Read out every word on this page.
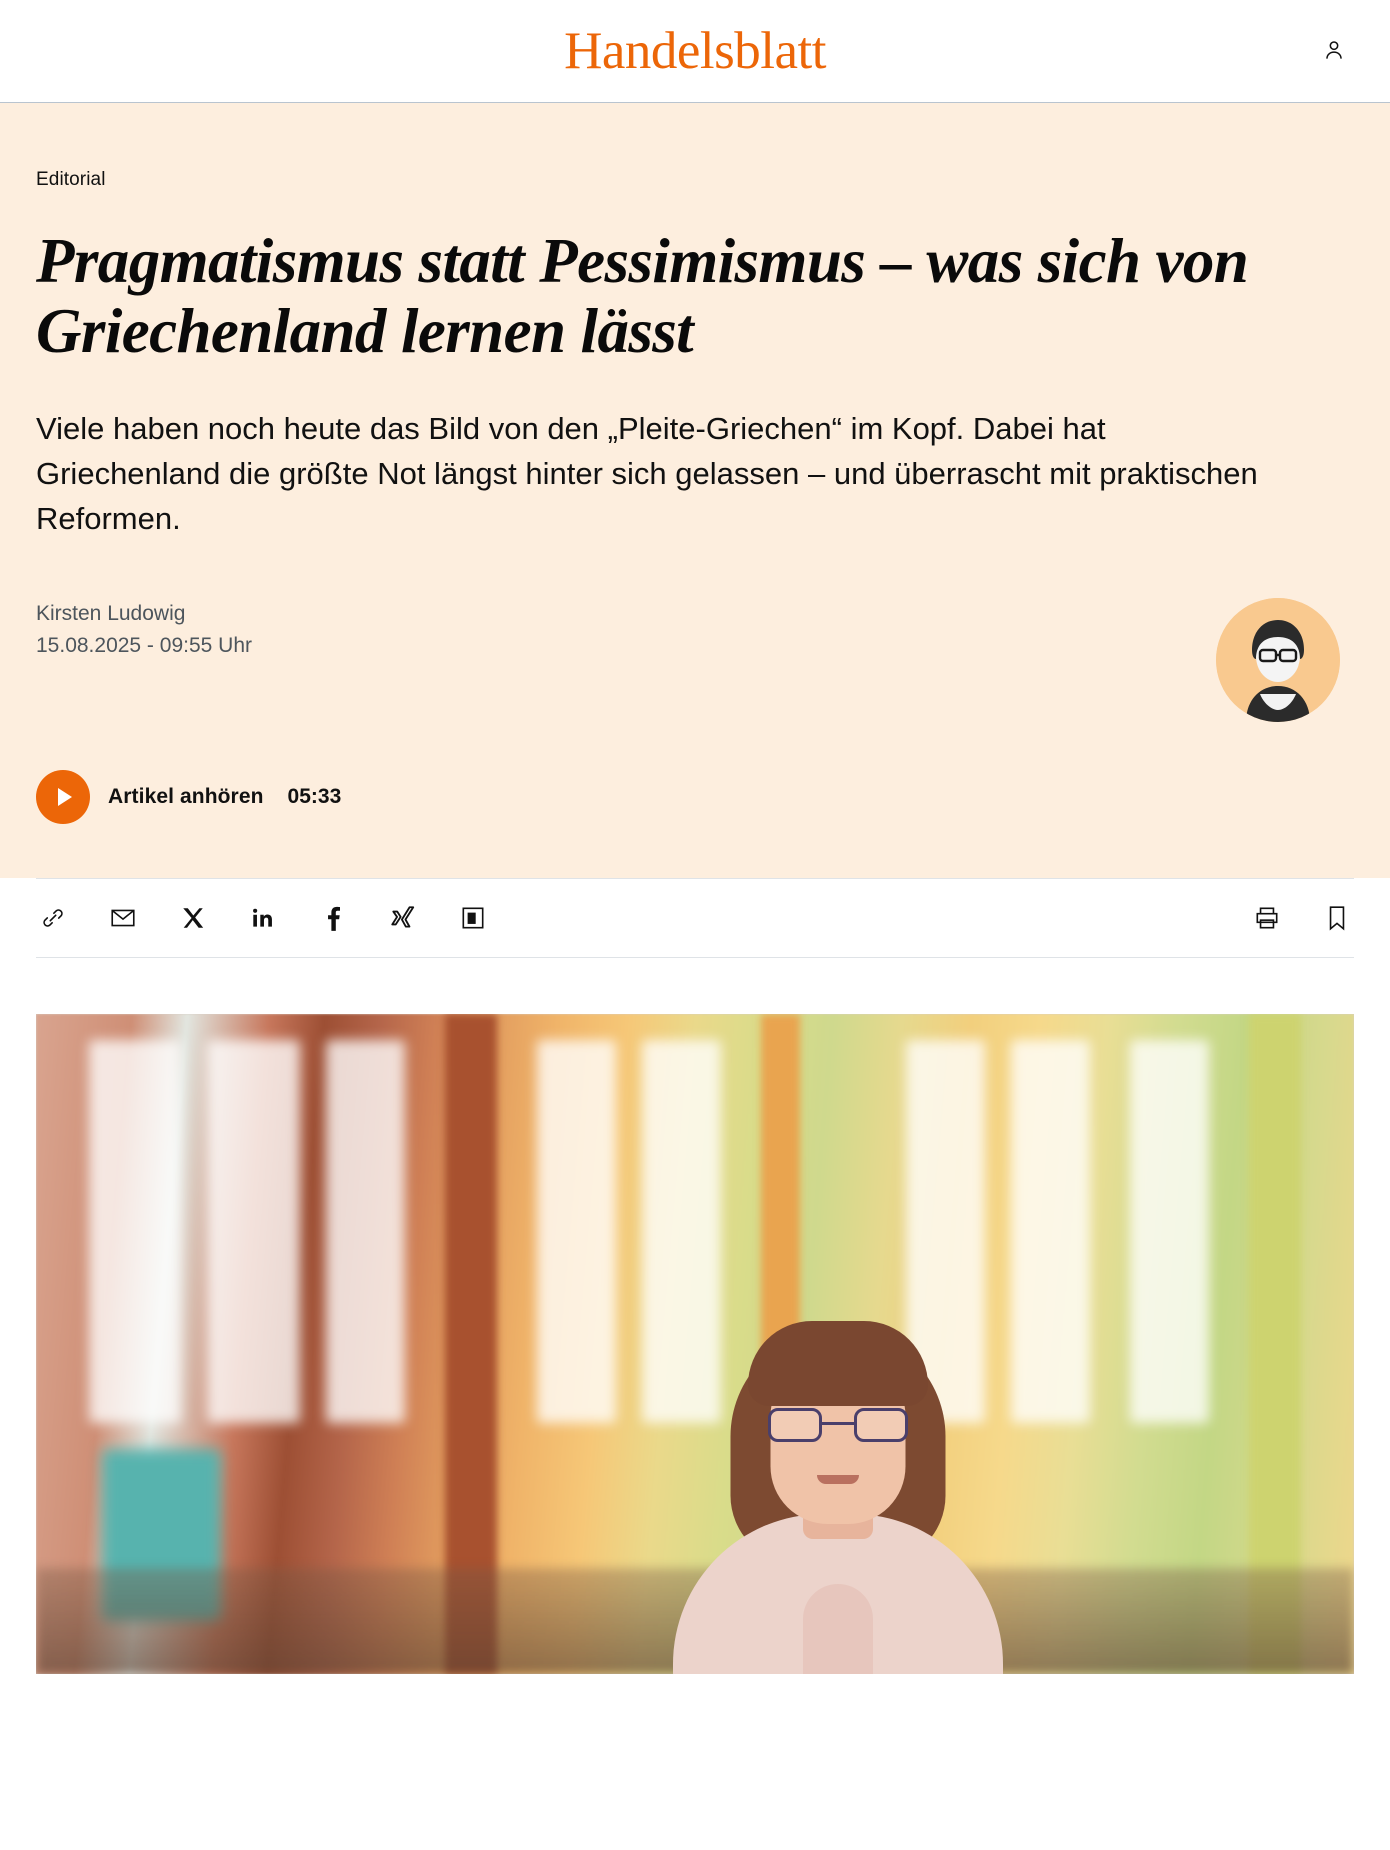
Handelsblatt
Editorial
Pragmatismus statt Pessimismus – was sich von Griechenland lernen lässt

Viele haben noch heute das Bild von den „Pleite-Griechen“ im Kopf. Dabei hat Griechenland die größte Not längst hinter sich gelassen – und überrascht mit praktischen Reformen.

Kirsten Ludowig
15.08.2025 - 09:55 Uhr
Artikel anhören 05:33
